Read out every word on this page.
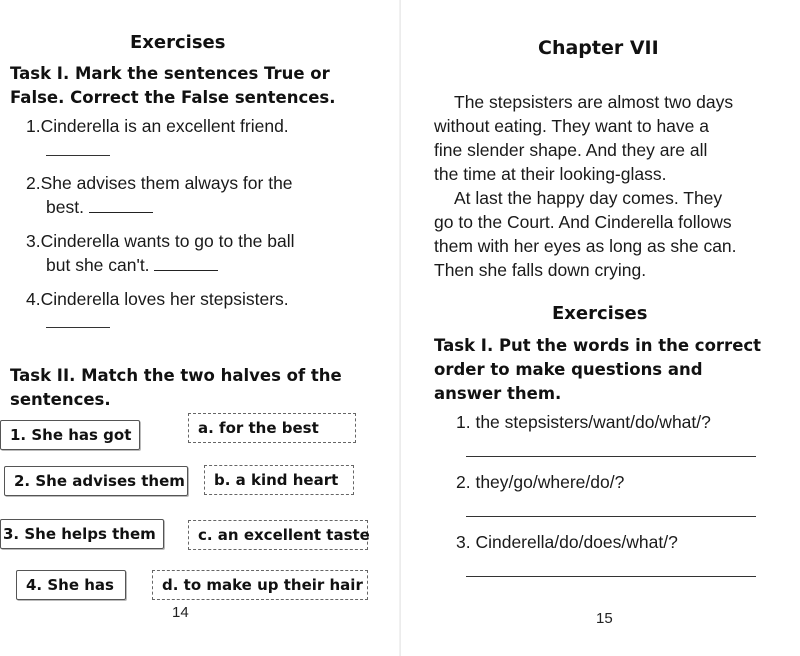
Exercises
Task I. Mark the sentences True or False. Correct the False sentences.
1.Cinderella is an excellent friend.
2.She advises them always for the
best.
3.Cinderella wants to go to the ball
but she can't.
4.Cinderella loves her stepsisters.
Task II. Match the two halves of the sentences.
1. She has got
2. She advises them
3. She helps them
4. She has
a. for the best
b. a kind heart
c. an excellent taste
d. to make up their hair
14
Chapter VII
The stepsisters are almost two days
without eating. They want to have a
fine slender shape. And they are all
the time at their looking-glass.
At last the happy day comes. They
go to the Court. And Cinderella follows
them with her eyes as long as she can.
Then she falls down crying.
Exercises
Task I. Put the words in the correct order to make questions and answer them.
1. the stepsisters/want/do/what/?
2. they/go/where/do/?
3. Cinderella/do/does/what/?
15
